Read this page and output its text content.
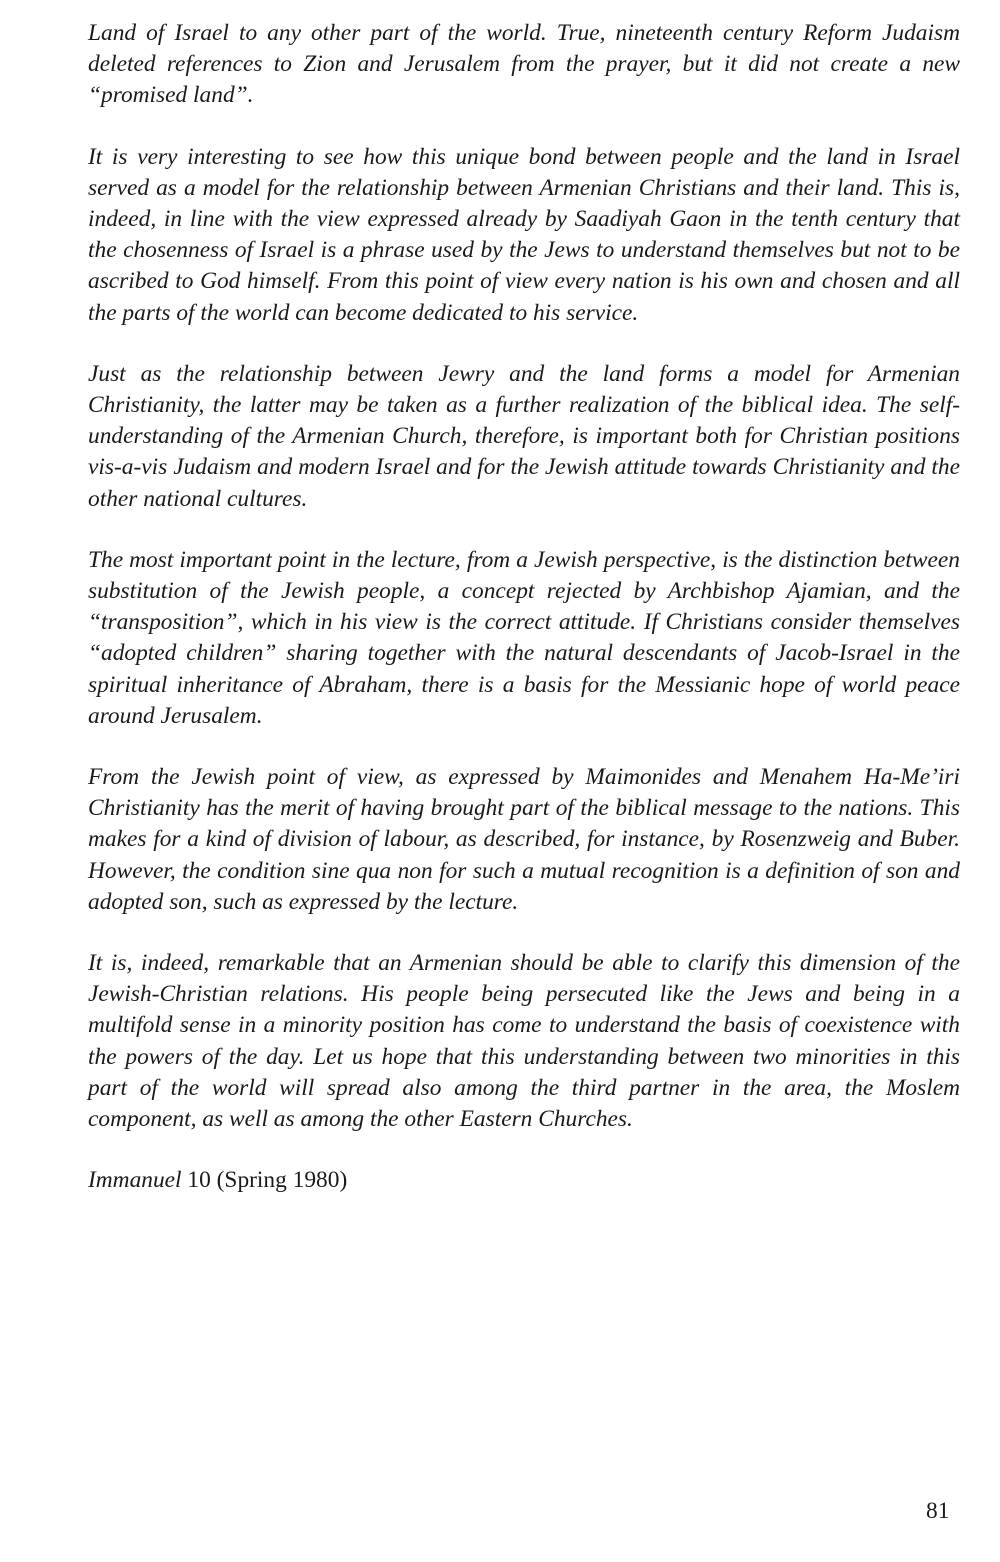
Land of Israel to any other part of the world. True, nineteenth century Reform Judaism deleted references to Zion and Jerusalem from the prayer, but it did not create a new “promised land”.

It is very interesting to see how this unique bond between people and the land in Israel served as a model for the relationship between Armenian Christians and their land. This is, indeed, in line with the view expressed already by Saadiyah Gaon in the tenth century that the chosenness of Israel is a phrase used by the Jews to understand themselves but not to be ascribed to God himself. From this point of view every nation is his own and chosen and all the parts of the world can become dedicated to his service.

Just as the relationship between Jewry and the land forms a model for Armenian Christianity, the latter may be taken as a further realization of the biblical idea. The self-understanding of the Armenian Church, therefore, is important both for Christian positions vis-a-vis Judaism and modern Israel and for the Jewish attitude towards Christianity and the other national cultures.

The most important point in the lecture, from a Jewish perspective, is the distinction between substitution of the Jewish people, a concept rejected by Archbishop Ajamian, and the “transposition”, which in his view is the correct attitude. If Christians consider themselves “adopted children” sharing together with the natural descendants of Jacob-Israel in the spiritual inheritance of Abraham, there is a basis for the Messianic hope of world peace around Jerusalem.

From the Jewish point of view, as expressed by Maimonides and Menahem Ha-Me’iri Christianity has the merit of having brought part of the biblical message to the nations. This makes for a kind of division of labour, as described, for instance, by Rosenzweig and Buber. However, the condition sine qua non for such a mutual recognition is a definition of son and adopted son, such as expressed by the lecture.

It is, indeed, remarkable that an Armenian should be able to clarify this dimension of the Jewish-Christian relations. His people being persecuted like the Jews and being in a multifold sense in a minority position has come to understand the basis of coexistence with the powers of the day. Let us hope that this understanding between two minorities in this part of the world will spread also among the third partner in the area, the Moslem component, as well as among the other Eastern Churches.

Immanuel 10 (Spring 1980)

81
